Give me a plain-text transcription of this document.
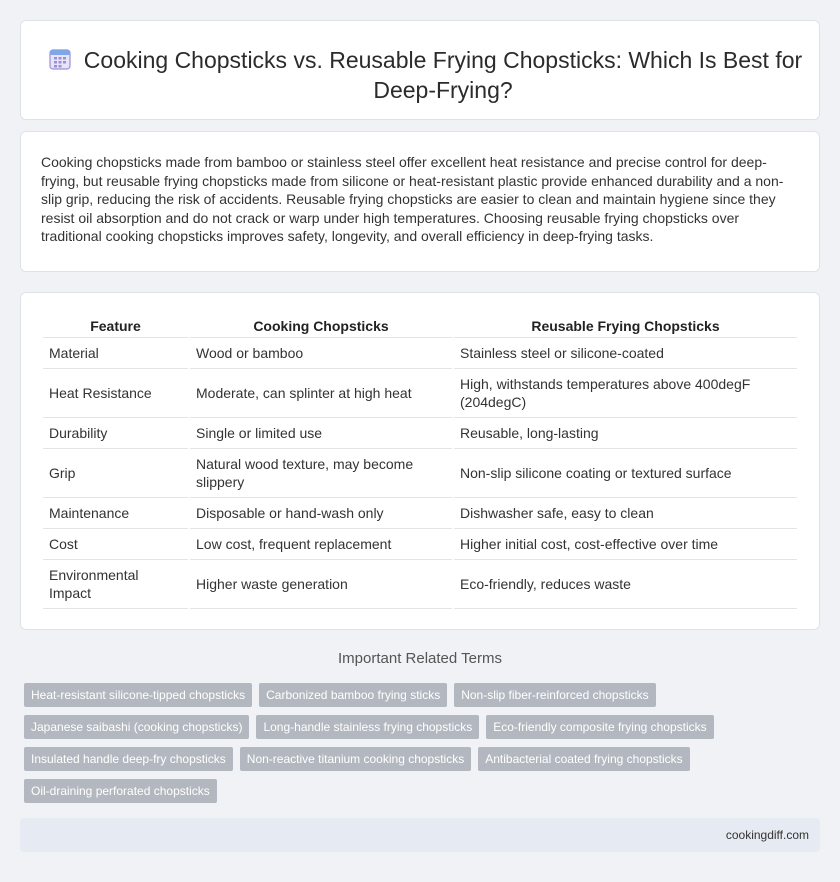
Cooking Chopsticks vs. Reusable Frying Chopsticks: Which Is Best for Deep-Frying?

Cooking chopsticks made from bamboo or stainless steel offer excellent heat resistance and precise control for deep-frying, but reusable frying chopsticks made from silicone or heat-resistant plastic provide enhanced durability and a non-slip grip, reducing the risk of accidents. Reusable frying chopsticks are easier to clean and maintain hygiene since they resist oil absorption and do not crack or warp under high temperatures. Choosing reusable frying chopsticks over traditional cooking chopsticks improves safety, longevity, and overall efficiency in deep-frying tasks.

Feature	Cooking Chopsticks	Reusable Frying Chopsticks
Material	Wood or bamboo	Stainless steel or silicone-coated
Heat Resistance	Moderate, can splinter at high heat	High, withstands temperatures above 400degF (204degC)
Durability	Single or limited use	Reusable, long-lasting
Grip	Natural wood texture, may become slippery	Non-slip silicone coating or textured surface
Maintenance	Disposable or hand-wash only	Dishwasher safe, easy to clean
Cost	Low cost, frequent replacement	Higher initial cost, cost-effective over time
Environmental Impact	Higher waste generation	Eco-friendly, reduces waste
Important Related Terms
Heat-resistant silicone-tipped chopsticks	Carbonized bamboo frying sticks	Non-slip fiber-reinforced chopsticks
Japanese saibashi (cooking chopsticks)	Long-handle stainless frying chopsticks	Eco-friendly composite frying chopsticks
Insulated handle deep-fry chopsticks	Non-reactive titanium cooking chopsticks	Antibacterial coated frying chopsticks
Oil-draining perforated chopsticks
cookingdiff.com
